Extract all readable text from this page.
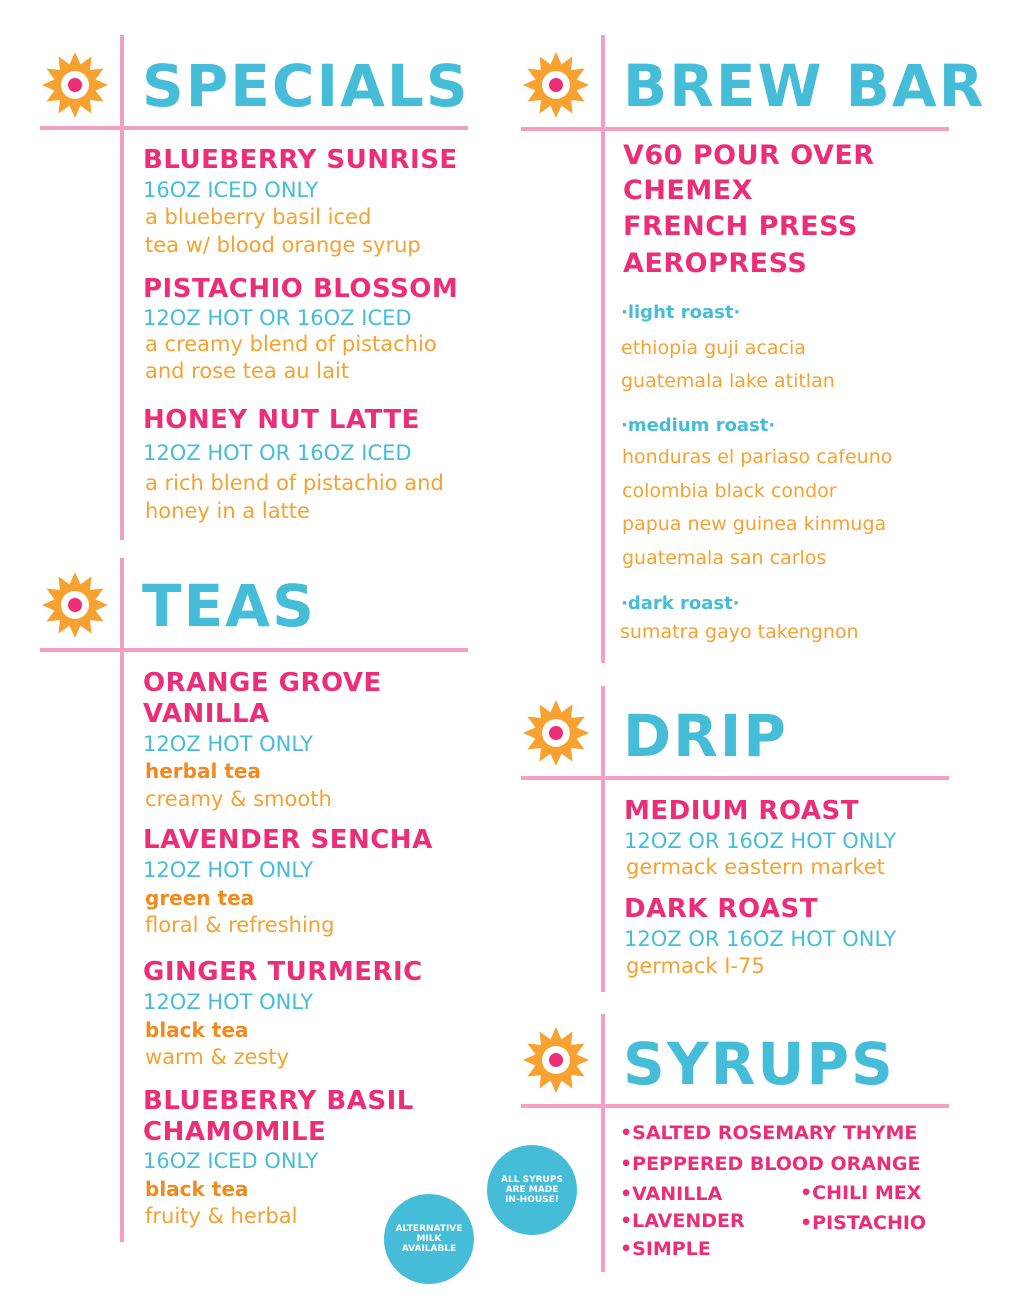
SPECIALS
BLUEBERRY SUNRISE
16OZ ICED ONLY
a blueberry basil iced
tea w/ blood orange syrup
PISTACHIO BLOSSOM
12OZ HOT OR 16OZ ICED
a creamy blend of pistachio
and rose tea au lait
HONEY NUT LATTE
12OZ HOT OR 16OZ ICED
a rich blend of pistachio and
honey in a latte
TEAS
ORANGE GROVE
VANILLA
12OZ HOT ONLY
herbal tea
creamy & smooth
LAVENDER SENCHA
12OZ HOT ONLY
green tea
floral & refreshing
GINGER TURMERIC
12OZ HOT ONLY
black tea
warm & zesty
BLUEBERRY BASIL
CHAMOMILE
16OZ ICED ONLY
black tea
fruity & herbal
BREW BAR
V60 POUR OVER
CHEMEX
FRENCH PRESS
AEROPRESS
·light roast·
ethiopia guji acacia
guatemala lake atitlan
·medium roast·
honduras el pariaso cafeuno
colombia black condor
papua new guinea kinmuga
guatemala san carlos
·dark roast·
sumatra gayo takengnon
DRIP
MEDIUM ROAST
12OZ OR 16OZ HOT ONLY
germack eastern market
DARK ROAST
12OZ OR 16OZ HOT ONLY
germack I-75
SYRUPS
•SALTED ROSEMARY THYME
•PEPPERED BLOOD ORANGE
•VANILLA	•CHILI MEX
•LAVENDER	•PISTACHIO
•SIMPLE
ALL SYRUPS
ARE MADE
IN-HOUSE!
ALTERNATIVE
MILK
AVAILABLE
